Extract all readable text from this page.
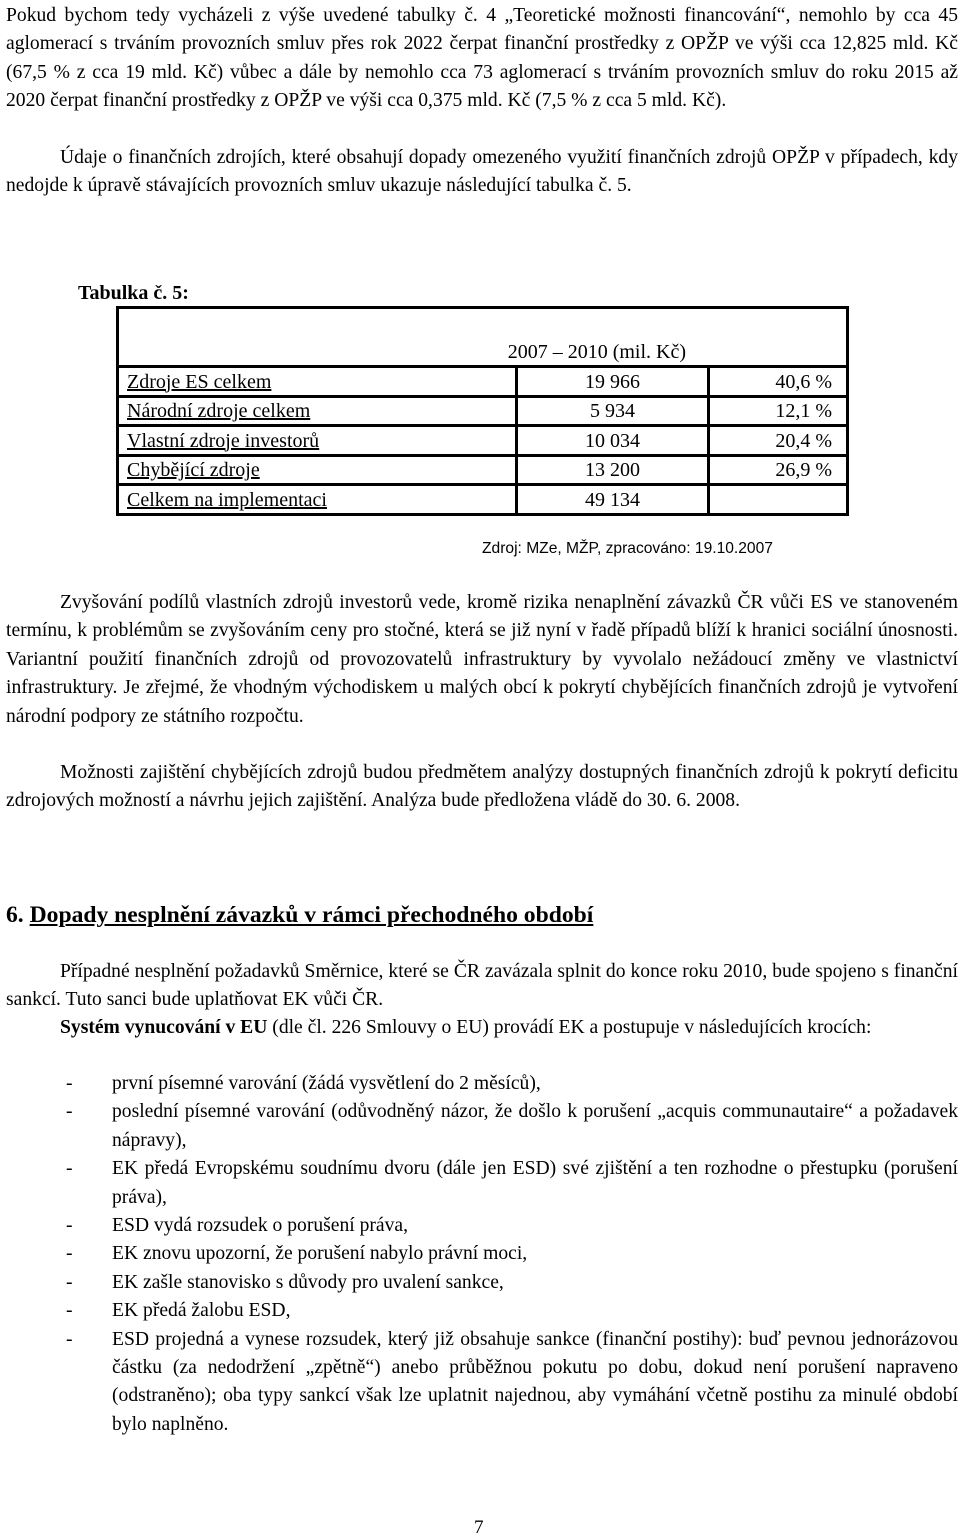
Pokud bychom tedy vycházeli z výše uvedené tabulky č. 4 „Teoretické možnosti financování“, nemohlo by cca 45 aglomerací s trváním provozních smluv přes rok 2022 čerpat finanční prostředky z OPŽP ve výši cca 12,825 mld. Kč (67,5 % z cca 19 mld. Kč) vůbec a dále by nemohlo cca 73 aglomerací s trváním provozních smluv do roku 2015 až 2020 čerpat finanční prostředky z OPŽP ve výši cca 0,375 mld. Kč (7,5 % z cca 5 mld. Kč).

Údaje o finančních zdrojích, které obsahují dopady omezeného využití finančních zdrojů OPŽP v případech, kdy nedojde k úpravě stávajících provozních smluv ukazuje následující tabulka č. 5.

Tabulka č. 5:
2007 – 2010 (mil. Kč)		
Zdroje ES celkem	19 966	40,6 %
Národní zdroje celkem	5 934	12,1 %
Vlastní zdroje investorů	10 034	20,4 %
Chybějící zdroje	13 200	26,9 %
Celkem na implementaci	49 134	
Zdroj: MZe, MŽP, zpracováno: 19.10.2007

Zvyšování podílů vlastních zdrojů investorů vede, kromě rizika nenaplnění závazků ČR vůči ES ve stanoveném termínu, k problémům se zvyšováním ceny pro stočné, která se již nyní v řadě případů blíží k hranici sociální únosnosti. Variantní použití finančních zdrojů od provozovatelů infrastruktury by vyvolalo nežádoucí změny ve vlastnictví infrastruktury. Je zřejmé, že vhodným východiskem u malých obcí k pokrytí chybějících finančních zdrojů je vytvoření národní podpory ze státního rozpočtu.

Možnosti zajištění chybějících zdrojů budou předmětem analýzy dostupných finančních zdrojů k pokrytí deficitu zdrojových možností a návrhu jejich zajištění. Analýza bude předložena vládě do 30. 6. 2008.

6. Dopady nesplnění závazků v rámci přechodného období

Případné nesplnění požadavků Směrnice, které se ČR zavázala splnit do konce roku 2010, bude spojeno s finanční sankcí. Tuto sanci bude uplatňovat EK vůči ČR.

Systém vynucování v EU (dle čl. 226 Smlouvy o EU) provádí EK a postupuje v následujících krocích:

- první písemné varování (žádá vysvětlení do 2 měsíců),
- poslední písemné varování (odůvodněný názor, že došlo k porušení „acquis communautaire“ a požadavek nápravy),
- EK předá Evropskému soudnímu dvoru (dále jen ESD) své zjištění a ten rozhodne o přestupku (porušení práva),
- ESD vydá rozsudek o porušení práva,
- EK znovu upozorní, že porušení nabylo právní moci,
- EK zašle stanovisko s důvody pro uvalení sankce,
- EK předá žalobu ESD,
- ESD projedná a vynese rozsudek, který již obsahuje sankce (finanční postihy): buď pevnou jednorázovou částku (za nedodržení „zpětně“) anebo průběžnou pokutu po dobu, dokud není porušení napraveno (odstraněno); oba typy sankcí však lze uplatnit najednou, aby vymáhání včetně postihu za minulé období bylo naplněno.
7
